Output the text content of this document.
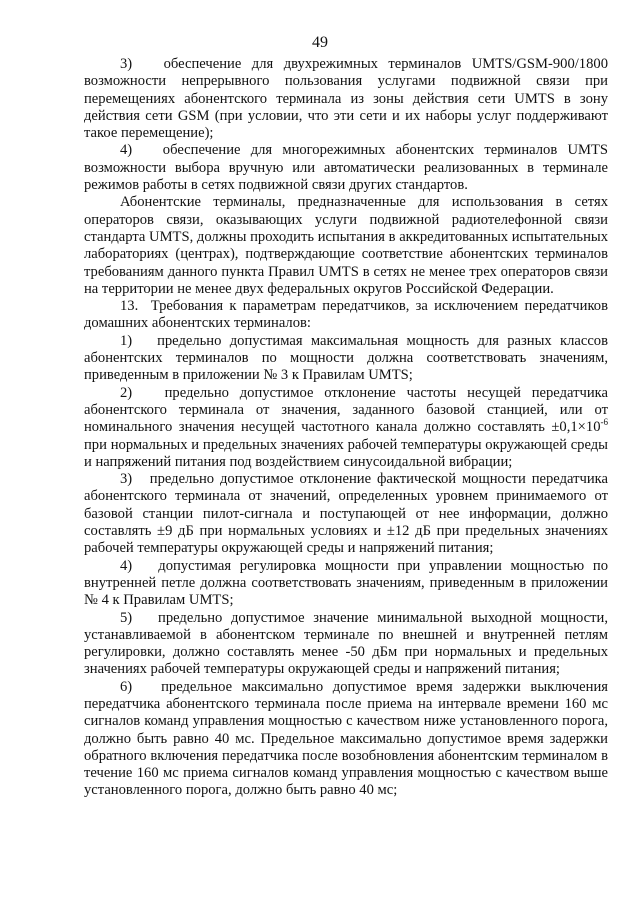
49

3)   обеспечение для двухрежимных терминалов UMTS/GSM-900/1800 возможности непрерывного пользования услугами подвижной связи при перемещениях абонентского терминала из зоны действия сети UMTS в зону действия сети GSM (при условии, что эти сети и их наборы услуг поддерживают такое перемещение);

4)   обеспечение для многорежимных абонентских терминалов UMTS возможности выбора вручную или автоматически реализованных в терминале режимов работы в сетях подвижной связи других стандартов.

Абонентские терминалы, предназначенные для использования в сетях операторов связи, оказывающих услуги подвижной радиотелефонной связи стандарта UMTS, должны проходить испытания в аккредитованных испытательных лабораториях (центрах), подтверждающие соответствие абонентских терминалов требованиям данного пункта Правил UMTS в сетях не менее трех операторов связи на территории не менее двух федеральных округов Российской Федерации.

13.  Требования к параметрам передатчиков, за исключением передатчиков домашних абонентских терминалов:

1)   предельно допустимая максимальная мощность для разных классов абонентских терминалов по мощности должна соответствовать значениям, приведенным в приложении № 3 к Правилам UMTS;

2)   предельно допустимое отклонение частоты несущей передатчика абонентского терминала от значения, заданного базовой станцией, или от номинального значения несущей частотного канала должно составлять $\pm 0,1\times 10^{-6}$ при нормальных и предельных значениях рабочей температуры окружающей среды и напряжений питания под воздействием синусоидальной вибрации;

3)   предельно допустимое отклонение фактической мощности передатчика абонентского терминала от значений, определенных уровнем принимаемого от базовой станции пилот-сигнала и поступающей от нее информации, должно составлять ±9 дБ при нормальных условиях и ±12 дБ при предельных значениях рабочей температуры окружающей среды и напряжений питания;

4)   допустимая регулировка мощности при управлении мощностью по внутренней петле должна соответствовать значениям, приведенным в приложении № 4 к Правилам UMTS;

5)   предельно допустимое значение минимальной выходной мощности, устанавливаемой в абонентском терминале по внешней и внутренней петлям регулировки, должно составлять менее -50 дБм при нормальных и предельных значениях рабочей температуры окружающей среды и напряжений питания;

6)   предельное максимально допустимое время задержки выключения передатчика абонентского терминала после приема на интервале времени 160 мс сигналов команд управления мощностью с качеством ниже установленного порога, должно быть равно 40 мс. Предельное максимально допустимое время задержки обратного включения передатчика после возобновления абонентским терминалом в течение 160 мс приема сигналов команд управления мощностью с качеством выше установленного порога, должно быть равно 40 мс;
